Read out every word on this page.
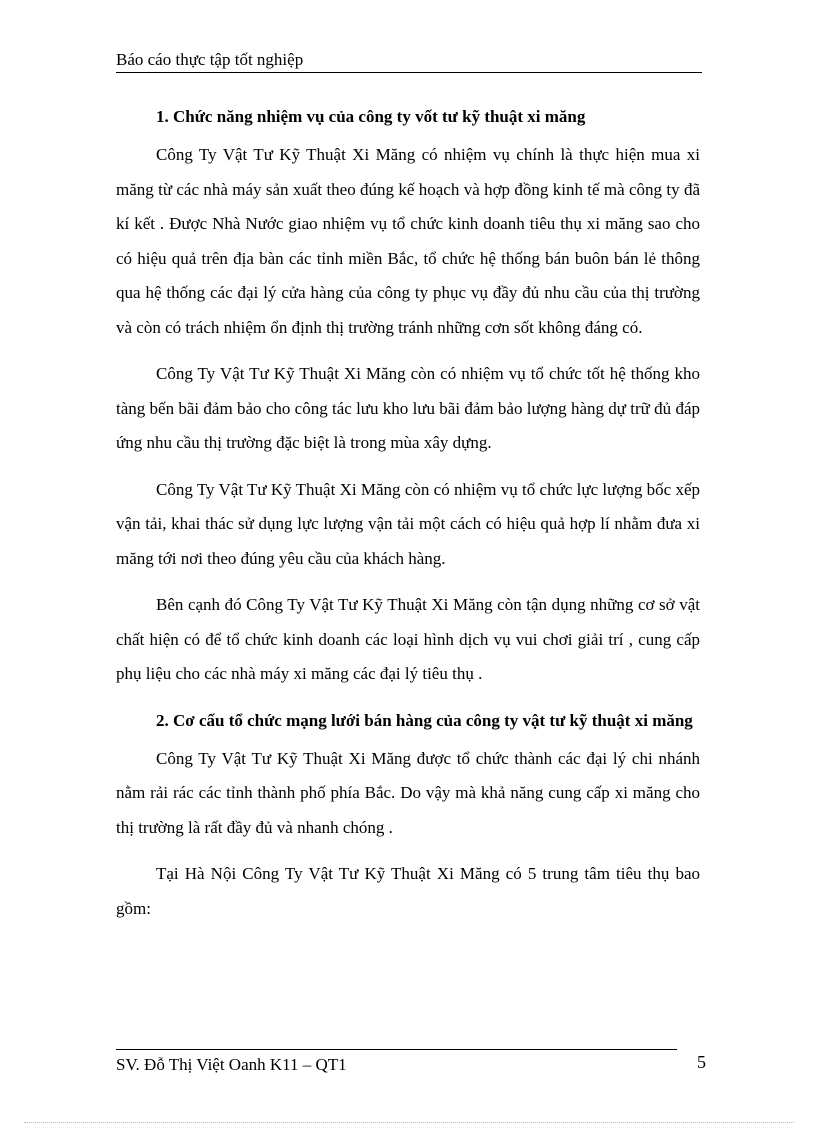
Báo cáo thực tập tốt nghiệp

1. Chức năng nhiệm vụ của công ty vốt tư kỹ thuật xi măng

Công Ty Vật Tư Kỹ Thuật Xi Măng có nhiệm vụ chính là thực hiện mua xi măng từ các nhà máy sản xuất theo đúng kế hoạch và hợp đồng kinh tế mà công ty đã kí kết . Được Nhà Nước giao nhiệm vụ tổ chức kinh doanh tiêu thụ xi măng sao cho có hiệu quả trên địa bàn các tỉnh miền Bắc, tổ chức hệ thống bán buôn bán lẻ thông qua hệ thống các đại lý cửa hàng của công ty phục vụ đầy đủ nhu cầu của thị trường và còn có trách nhiệm ổn định thị trường tránh những cơn sốt không đáng có.

Công Ty Vật Tư Kỹ Thuật Xi Măng còn có nhiệm vụ tổ chức tốt hệ thống kho tàng bến bãi đảm bảo cho công tác lưu kho lưu bãi đảm bảo lượng hàng dự trữ đủ đáp ứng nhu cầu thị trường đặc biệt là trong mùa xây dựng.

Công Ty Vật Tư Kỹ Thuật Xi Măng còn có nhiệm vụ tổ chức lực lượng bốc xếp vận tải, khai thác sử dụng lực lượng vận tải một cách có hiệu quả hợp lí nhằm đưa xi măng tới nơi theo đúng yêu cầu của khách hàng.

Bên cạnh đó Công Ty Vật Tư Kỹ Thuật Xi Măng còn tận dụng những cơ sở vật chất hiện có để tổ chức kinh doanh các loại hình dịch vụ vui chơi giải trí , cung cấp phụ liệu cho các nhà máy xi măng các đại lý tiêu thụ .

2. Cơ cấu tổ chức mạng lưới bán hàng của công ty vật tư kỹ thuật xi măng

Công Ty Vật Tư Kỹ Thuật Xi Măng được tổ chức thành các đại lý chi nhánh nằm rải rác các tỉnh thành phố phía Bắc. Do vậy mà khả năng cung cấp xi măng cho thị trường là rất đầy đủ và nhanh chóng .

Tại Hà Nội Công Ty Vật Tư Kỹ Thuật Xi Măng có 5 trung tâm tiêu thụ bao gồm:

SV. Đỗ Thị Việt Oanh K11 – QT1	5
